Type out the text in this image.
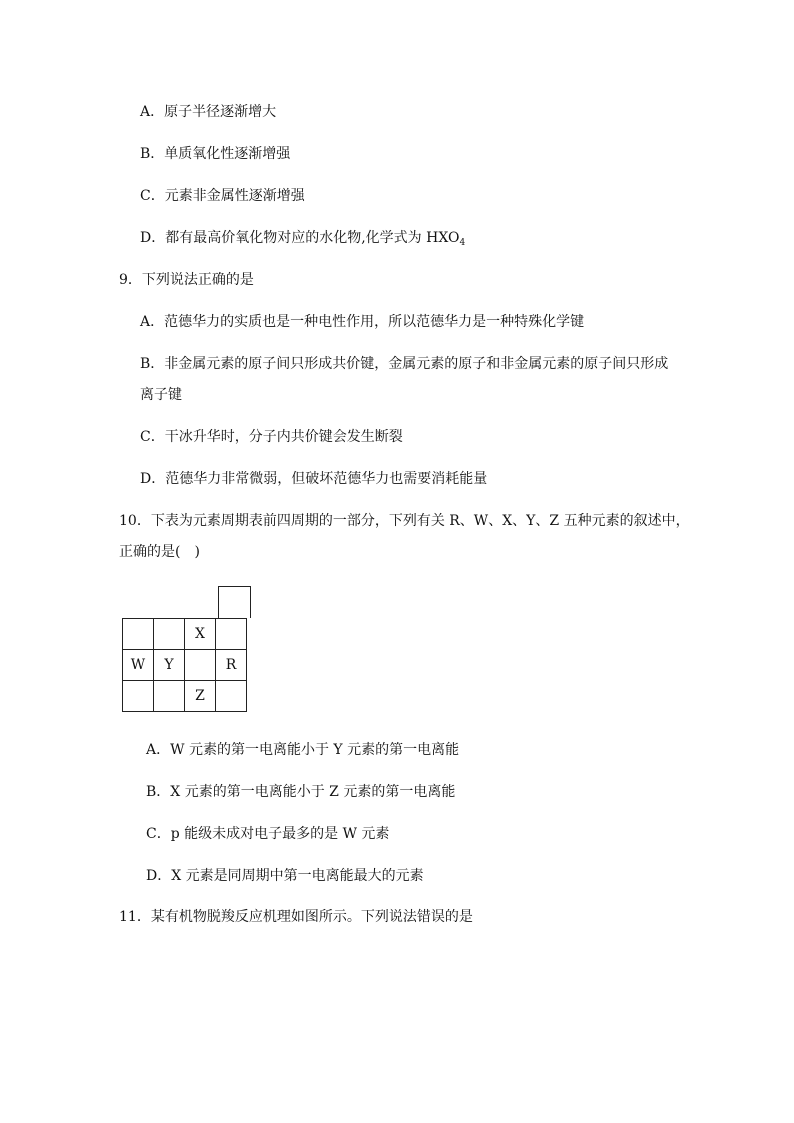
A．原子半径逐渐增大
B．单质氧化性逐渐增强
C．元素非金属性逐渐增强
D．都有最高价氧化物对应的水化物,化学式为 $HXO_4$
9．下列说法正确的是
A．范德华力的实质也是一种电性作用，所以范德华力是一种特殊化学键
B．非金属元素的原子间只形成共价键，金属元素的原子和非金属元素的原子间只形成
离子键
C．干冰升华时，分子内共价键会发生断裂
D．范德华力非常微弱，但破坏范德华力也需要消耗能量
10．下表为元素周期表前四周期的一部分，下列有关 R、W、X、Y、Z 五种元素的叙述中，
正确的是(　)
		X	
W	Y		R
		Z	
A．W 元素的第一电离能小于 Y 元素的第一电离能
B．X 元素的第一电离能小于 Z 元素的第一电离能
C．p 能级未成对电子最多的是 W 元素
D．X 元素是同周期中第一电离能最大的元素
11．某有机物脱羧反应机理如图所示。下列说法错误的是
